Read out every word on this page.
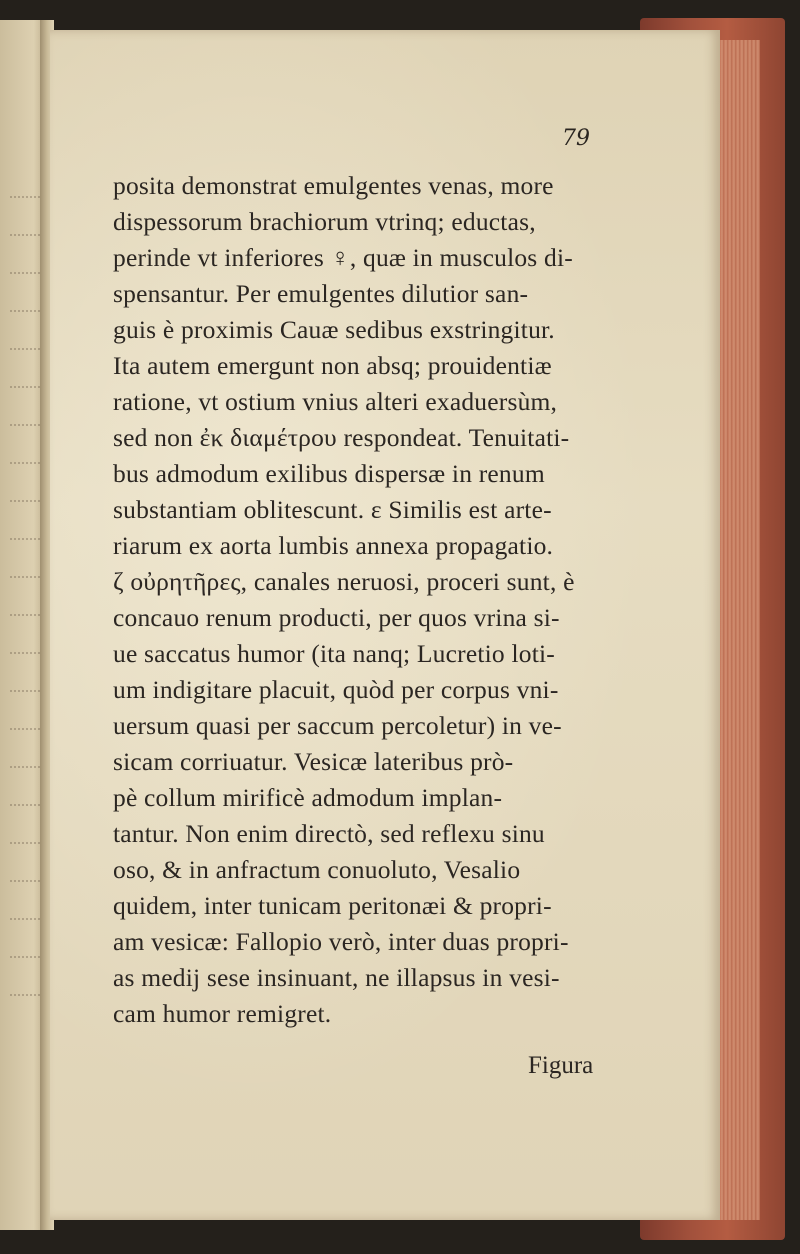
79
posita demonstrat emulgentes venas, more
dispessorum brachiorum vtrinq; eductas,
perinde vt inferiores ♀, quæ in musculos di-
spensantur. Per emulgentes dilutior san-
guis è proximis Cauæ sedibus exstringitur.
Ita autem emergunt non absq; prouidentiæ
ratione, vt ostium vnius alteri exaduersùm,
sed non ἐκ διαμέτρου respondeat. Tenuitati-
bus admodum exilibus dispersæ in renum
substantiam oblitescunt. ε Similis est arte-
riarum ex aorta lumbis annexa propagatio.
ζ οὐρητῆρες, canales neruosi, proceri sunt, è
concauo renum producti, per quos vrina si-
ue saccatus humor (ita nanq; Lucretio loti-
um indigitare placuit, quòd per corpus vni-
uersum quasi per saccum percoletur) in ve-
sicam corriuatur. Vesicæ lateribus prò-
pè collum mirificè admodum implan-
tantur. Non enim directò, sed reflexu sinu
oso, & in anfractum conuoluto, Vesalio
quidem, inter tunicam peritonæi & propri-
am vesicæ: Fallopio verò, inter duas propri-
as medij sese insinuant, ne illapsus in vesi-
cam humor remigret.
Figura
